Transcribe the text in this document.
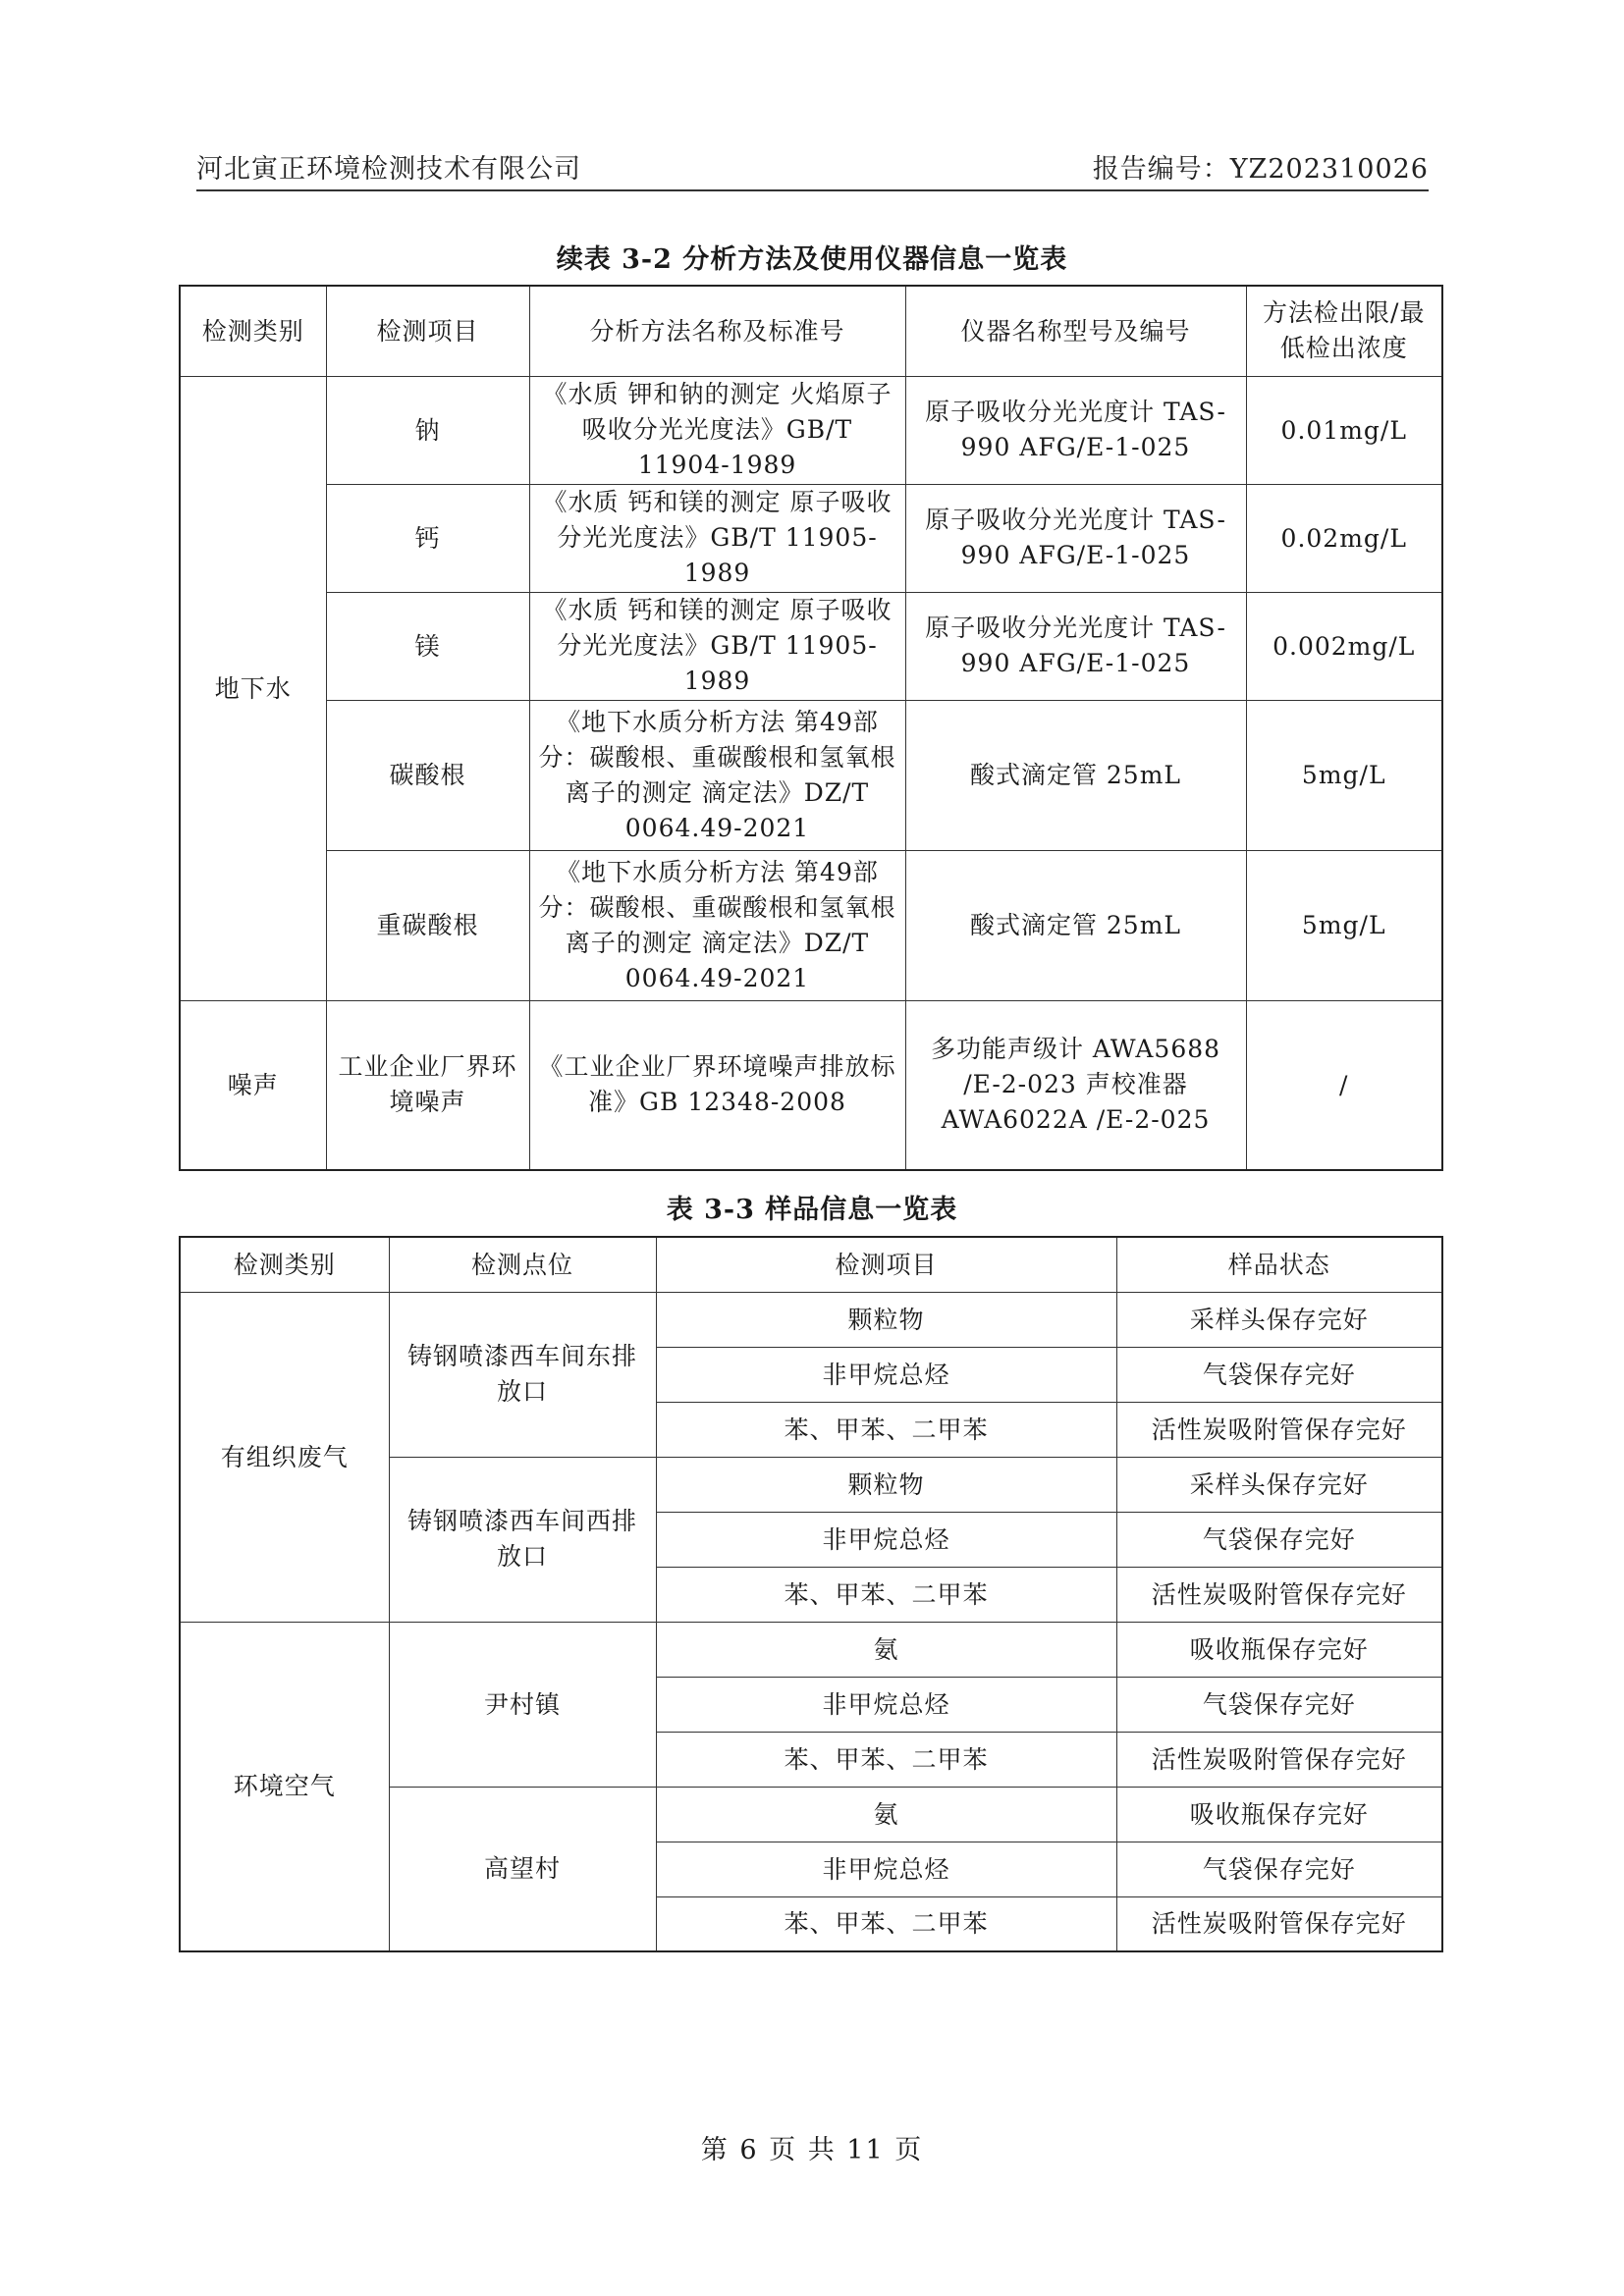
河北寅正环境检测技术有限公司	报告编号：YZ202310026
续表 3-2 分析方法及使用仪器信息一览表
检测类别	检测项目	分析方法名称及标准号	仪器名称型号及编号	方法检出限/最低检出浓度
地下水	钠	《水质 钾和钠的测定 火焰原子吸收分光光度法》GB/T 11904-1989	原子吸收分光光度计 TAS-990 AFG/E-1-025	0.01mg/L
	钙	《水质 钙和镁的测定 原子吸收分光光度法》GB/T 11905-1989	原子吸收分光光度计 TAS-990 AFG/E-1-025	0.02mg/L
	镁	《水质 钙和镁的测定 原子吸收分光光度法》GB/T 11905-1989	原子吸收分光光度计 TAS-990 AFG/E-1-025	0.002mg/L
	碳酸根	《地下水质分析方法 第49部分：碳酸根、重碳酸根和氢氧根离子的测定 滴定法》DZ/T 0064.49-2021	酸式滴定管 25mL	5mg/L
	重碳酸根	《地下水质分析方法 第49部分：碳酸根、重碳酸根和氢氧根离子的测定 滴定法》DZ/T 0064.49-2021	酸式滴定管 25mL	5mg/L
噪声	工业企业厂界环境噪声	《工业企业厂界环境噪声排放标准》GB 12348-2008	多功能声级计 AWA5688 /E-2-023 声校准器 AWA6022A /E-2-025	/
表 3-3 样品信息一览表
检测类别	检测点位	检测项目	样品状态
有组织废气	铸钢喷漆西车间东排放口	颗粒物	采样头保存完好
		非甲烷总烃	气袋保存完好
		苯、甲苯、二甲苯	活性炭吸附管保存完好
	铸钢喷漆西车间西排放口	颗粒物	采样头保存完好
		非甲烷总烃	气袋保存完好
		苯、甲苯、二甲苯	活性炭吸附管保存完好
环境空气	尹村镇	氨	吸收瓶保存完好
		非甲烷总烃	气袋保存完好
		苯、甲苯、二甲苯	活性炭吸附管保存完好
	高望村	氨	吸收瓶保存完好
		非甲烷总烃	气袋保存完好
		苯、甲苯、二甲苯	活性炭吸附管保存完好
第 6 页 共 11 页
